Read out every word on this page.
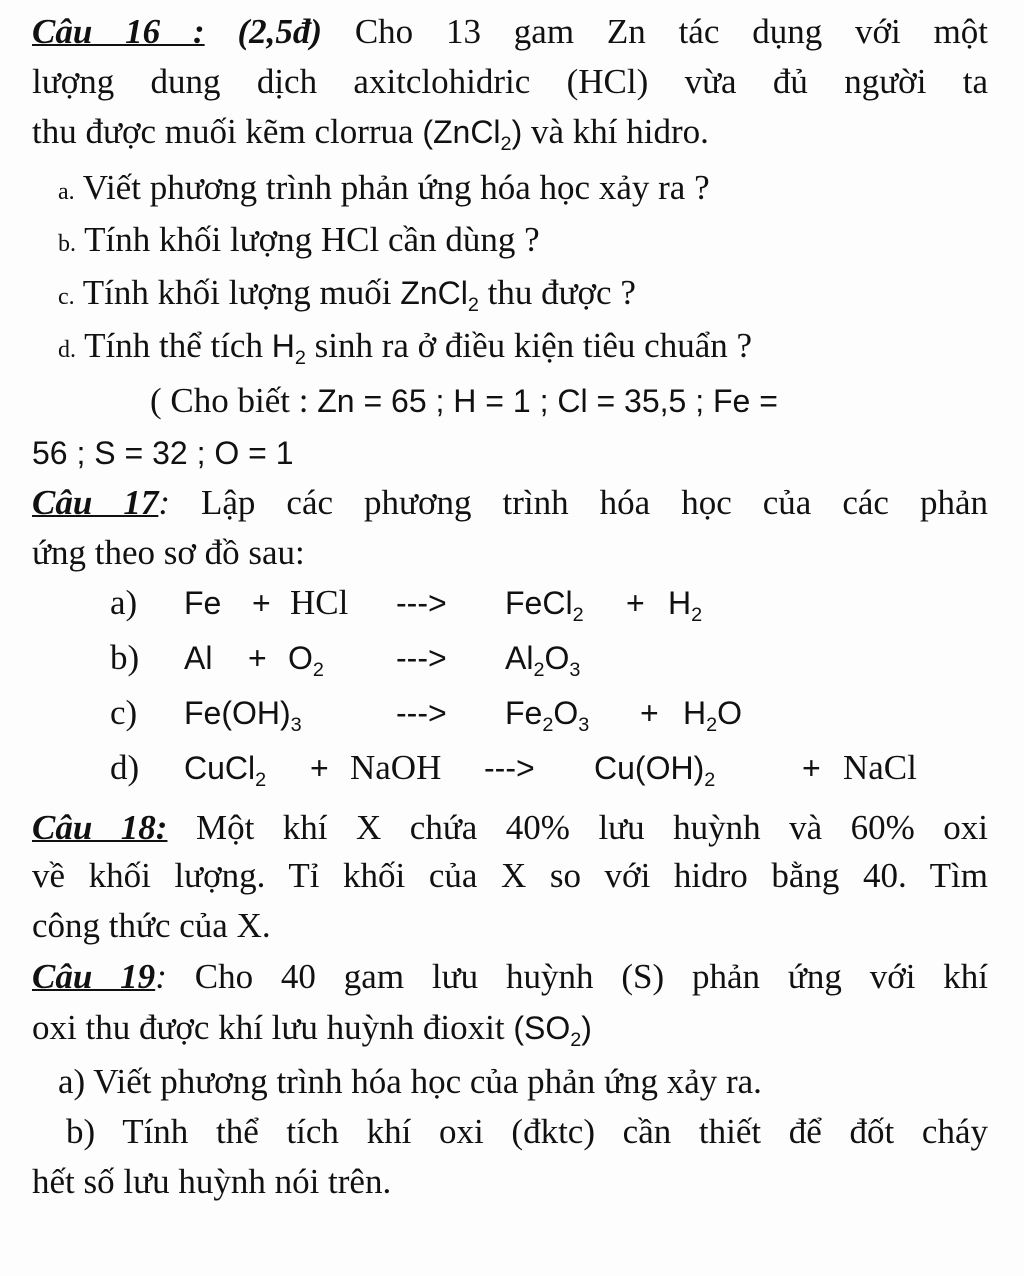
Câu 16 : (2,5đ) Cho 13 gam Zn tác dụng với một
lượng dung dịch axitclohidric (HCl) vừa đủ người ta
thu được muối kẽm clorrua (ZnCl$_2$) và khí hidro.
a. Viết phương trình phản ứng hóa học xảy ra ?
b. Tính khối lượng HCl cần dùng ?
c. Tính khối lượng muối ZnCl$_2$ thu được ?
d. Tính thể tích $H_2$ sinh ra ở điều kiện tiêu chuẩn ?
( Cho biết : Zn = 65 ; H = 1 ; Cl = 35,5 ; Fe =
56 ; S = 32 ; O = 1
Câu 17: Lập các phương trình hóa học của các phản
ứng theo sơ đồ sau:
a) Fe + HCl ---> FeCl$_2$ + $H_2$
b) $Al + O_2$ ---> $Al_2O_3$
c) $Fe(OH)_3$	---> $Fe_2O_3 + H_2O$
d) CuCl$_2$ + NaOH ---> $Cu(OH)_2$	+ NaCl
Câu 18: Một khí X chứa 40% lưu huỳnh và 60% oxi
về khối lượng. Tỉ khối của X so với hidro bằng 40. Tìm
công thức của X.
Câu 19: Cho 40 gam lưu huỳnh (S) phản ứng với khí
oxi thu được khí lưu huỳnh đioxit $(SO_2)$
a) Viết phương trình hóa học của phản ứng xảy ra.
b) Tính thể tích khí oxi (đktc) cần thiết để đốt cháy
hết số lưu huỳnh nói trên.
